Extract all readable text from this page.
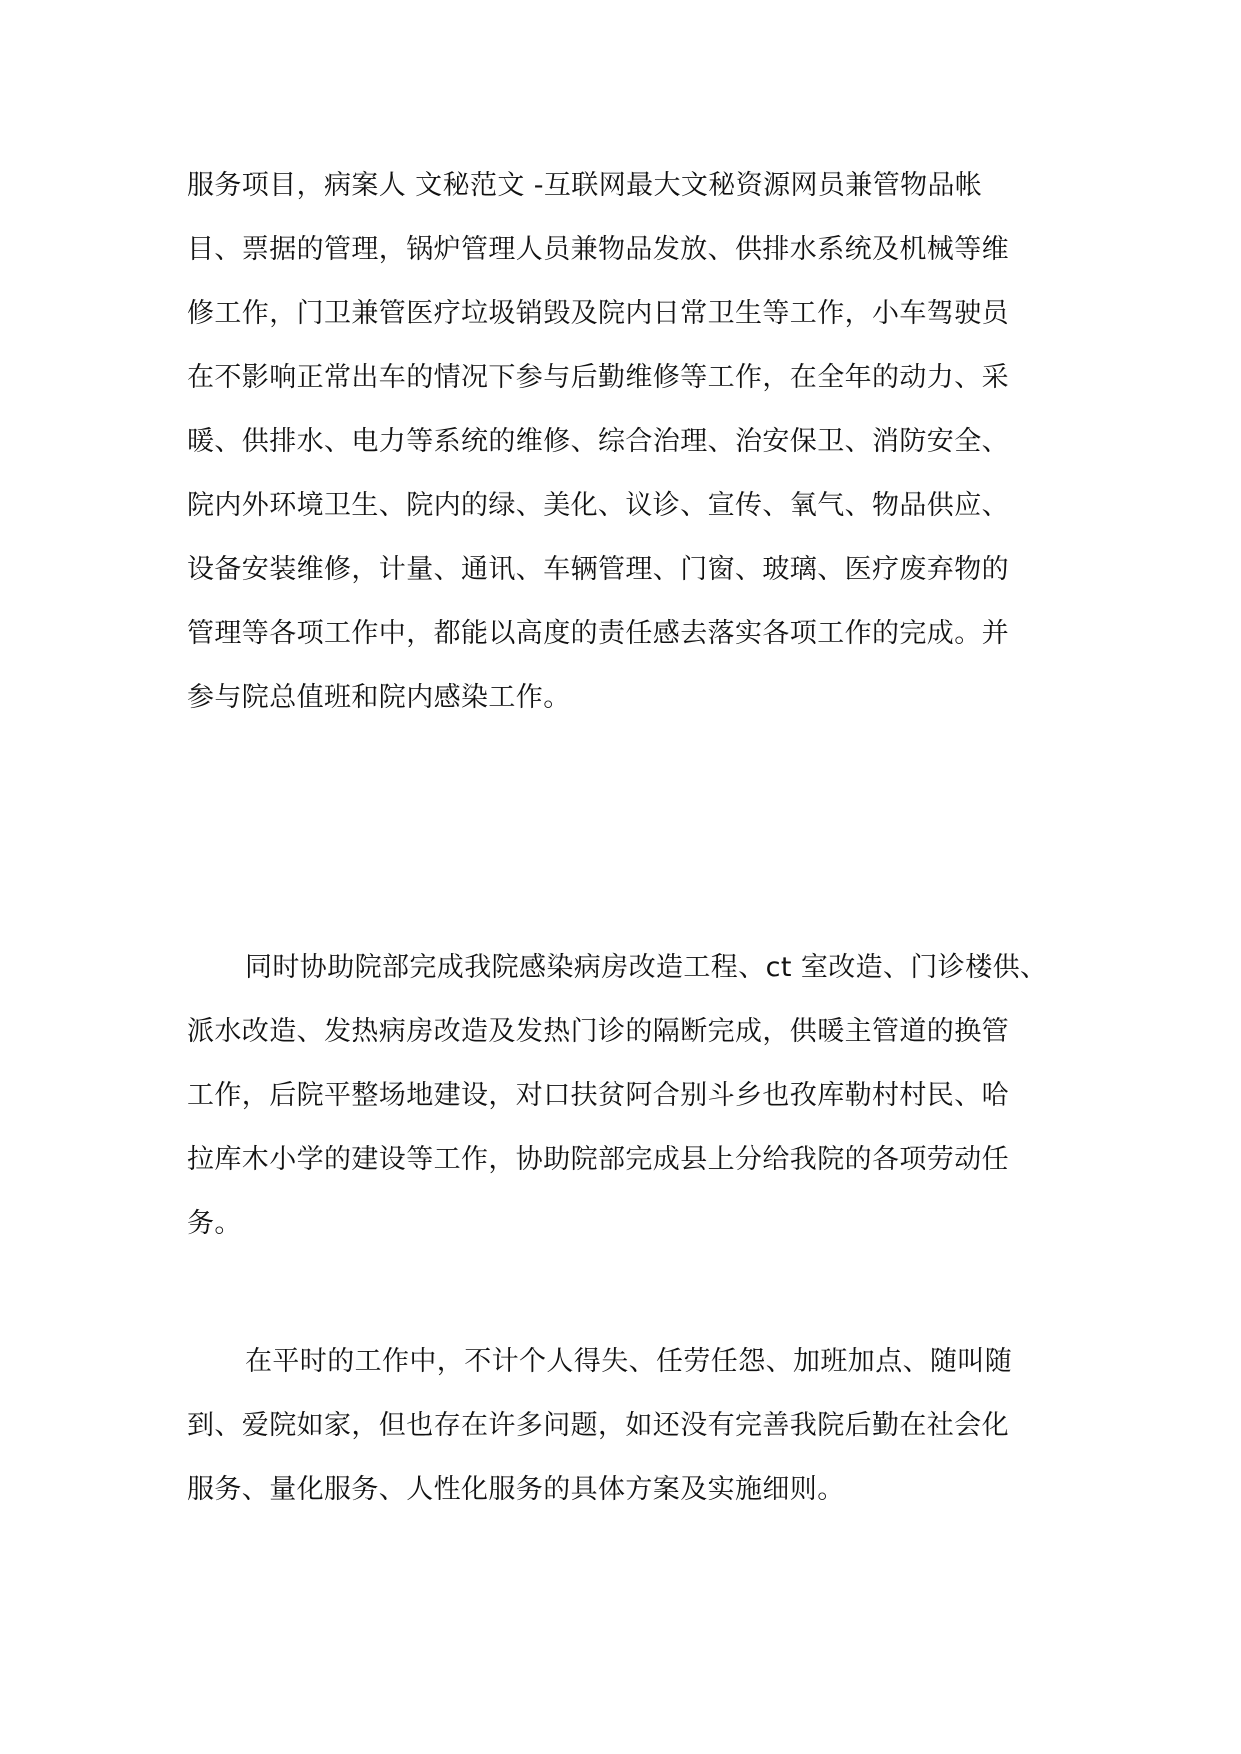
服务项目，病案人 文秘范文 -互联网最大文秘资源网员兼管物品帐
目、票据的管理，锅炉管理人员兼物品发放、供排水系统及机械等维
修工作，门卫兼管医疗垃圾销毁及院内日常卫生等工作，小车驾驶员
在不影响正常出车的情况下参与后勤维修等工作，在全年的动力、采
暖、供排水、电力等系统的维修、综合治理、治安保卫、消防安全、
院内外环境卫生、院内的绿、美化、议诊、宣传、氧气、物品供应、
设备安装维修，计量、通讯、车辆管理、门窗、玻璃、医疗废弃物的
管理等各项工作中，都能以高度的责任感去落实各项工作的完成。并
参与院总值班和院内感染工作。
同时协助院部完成我院感染病房改造工程、ct 室改造、门诊楼供、
派水改造、发热病房改造及发热门诊的隔断完成，供暖主管道的换管
工作，后院平整场地建设，对口扶贫阿合别斗乡也孜库勒村村民、哈
拉库木小学的建设等工作，协助院部完成县上分给我院的各项劳动任
务。
在平时的工作中，不计个人得失、任劳任怨、加班加点、随叫随
到、爱院如家，但也存在许多问题，如还没有完善我院后勤在社会化
服务、量化服务、人性化服务的具体方案及实施细则。
